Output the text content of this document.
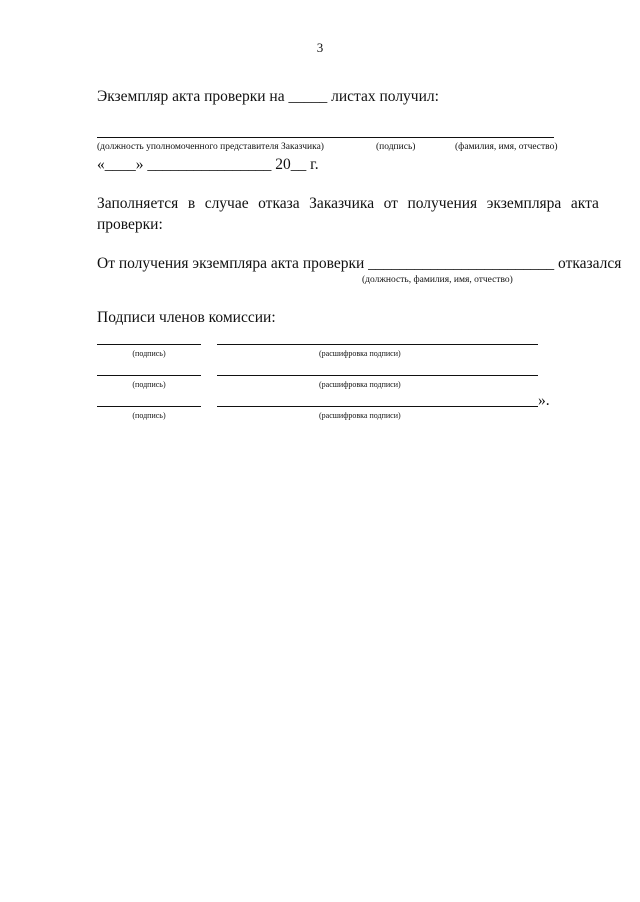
3
Экземпляр акта проверки на _____ листах получил:
(должность уполномоченного представителя Заказчика)	(подпись)	(фамилия, имя, отчество)
«____» ________________ 20__ г.
Заполняется в случае отказа Заказчика от получения экземпляра акта
проверки:
От получения экземпляра акта проверки ________________________ отказался
(должность, фамилия, имя, отчество)
Подписи членов комиссии:
(подпись)	(расшифровка подписи)
(подпись)	(расшифровка подписи)
».
(подпись)	(расшифровка подписи)
